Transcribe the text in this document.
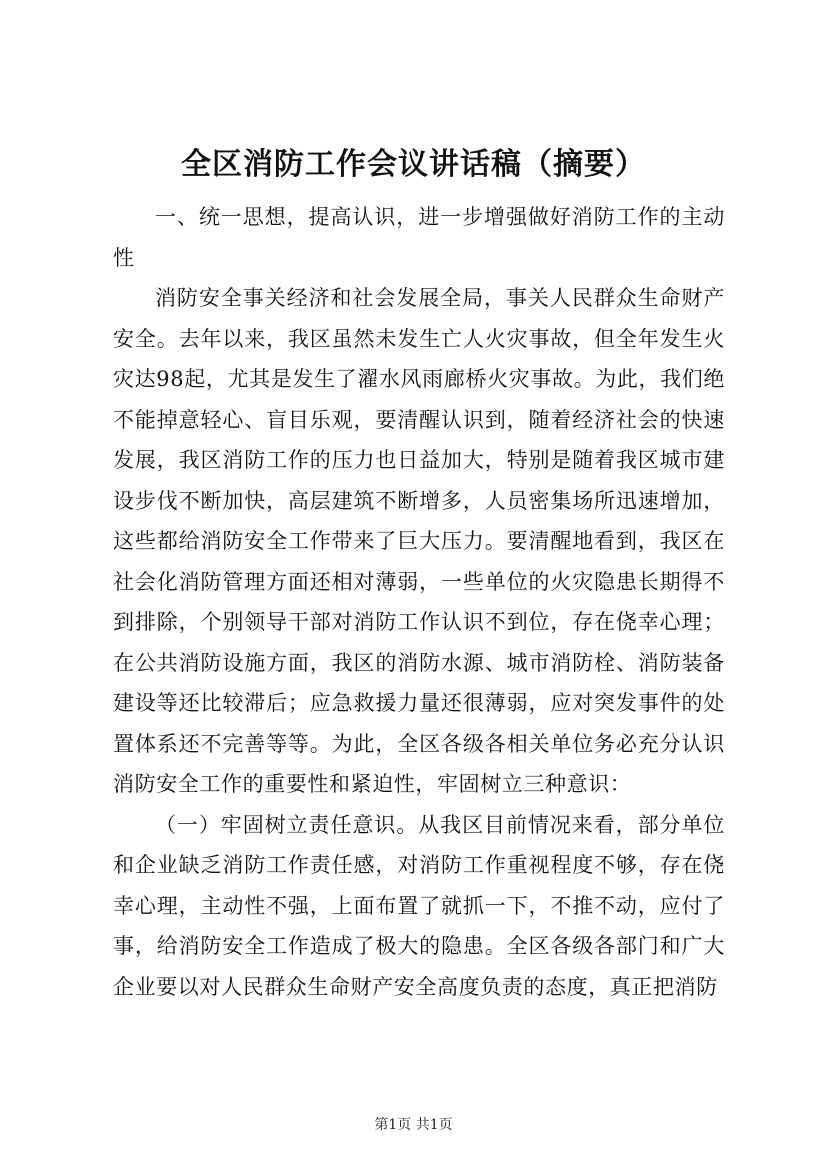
全区消防工作会议讲话稿（摘要）

一、统一思想，提高认识，进一步增强做好消防工作的主动性

消防安全事关经济和社会发展全局，事关人民群众生命财产安全。去年以来，我区虽然未发生亡人火灾事故，但全年发生火灾达98起，尤其是发生了濯水风雨廊桥火灾事故。为此，我们绝不能掉意轻心、盲目乐观，要清醒认识到，随着经济社会的快速发展，我区消防工作的压力也日益加大，特别是随着我区城市建设步伐不断加快，高层建筑不断增多，人员密集场所迅速增加，这些都给消防安全工作带来了巨大压力。要清醒地看到，我区在社会化消防管理方面还相对薄弱，一些单位的火灾隐患长期得不到排除，个别领导干部对消防工作认识不到位，存在侥幸心理；在公共消防设施方面，我区的消防水源、城市消防栓、消防装备建设等还比较滞后；应急救援力量还很薄弱，应对突发事件的处置体系还不完善等等。为此，全区各级各相关单位务必充分认识消防安全工作的重要性和紧迫性，牢固树立三种意识：

（一）牢固树立责任意识。从我区目前情况来看，部分单位和企业缺乏消防工作责任感，对消防工作重视程度不够，存在侥幸心理，主动性不强，上面布置了就抓一下，不推不动，应付了事，给消防安全工作造成了极大的隐患。全区各级各部门和广大企业要以对人民群众生命财产安全高度负责的态度，真正把消防

第1页 共1页
